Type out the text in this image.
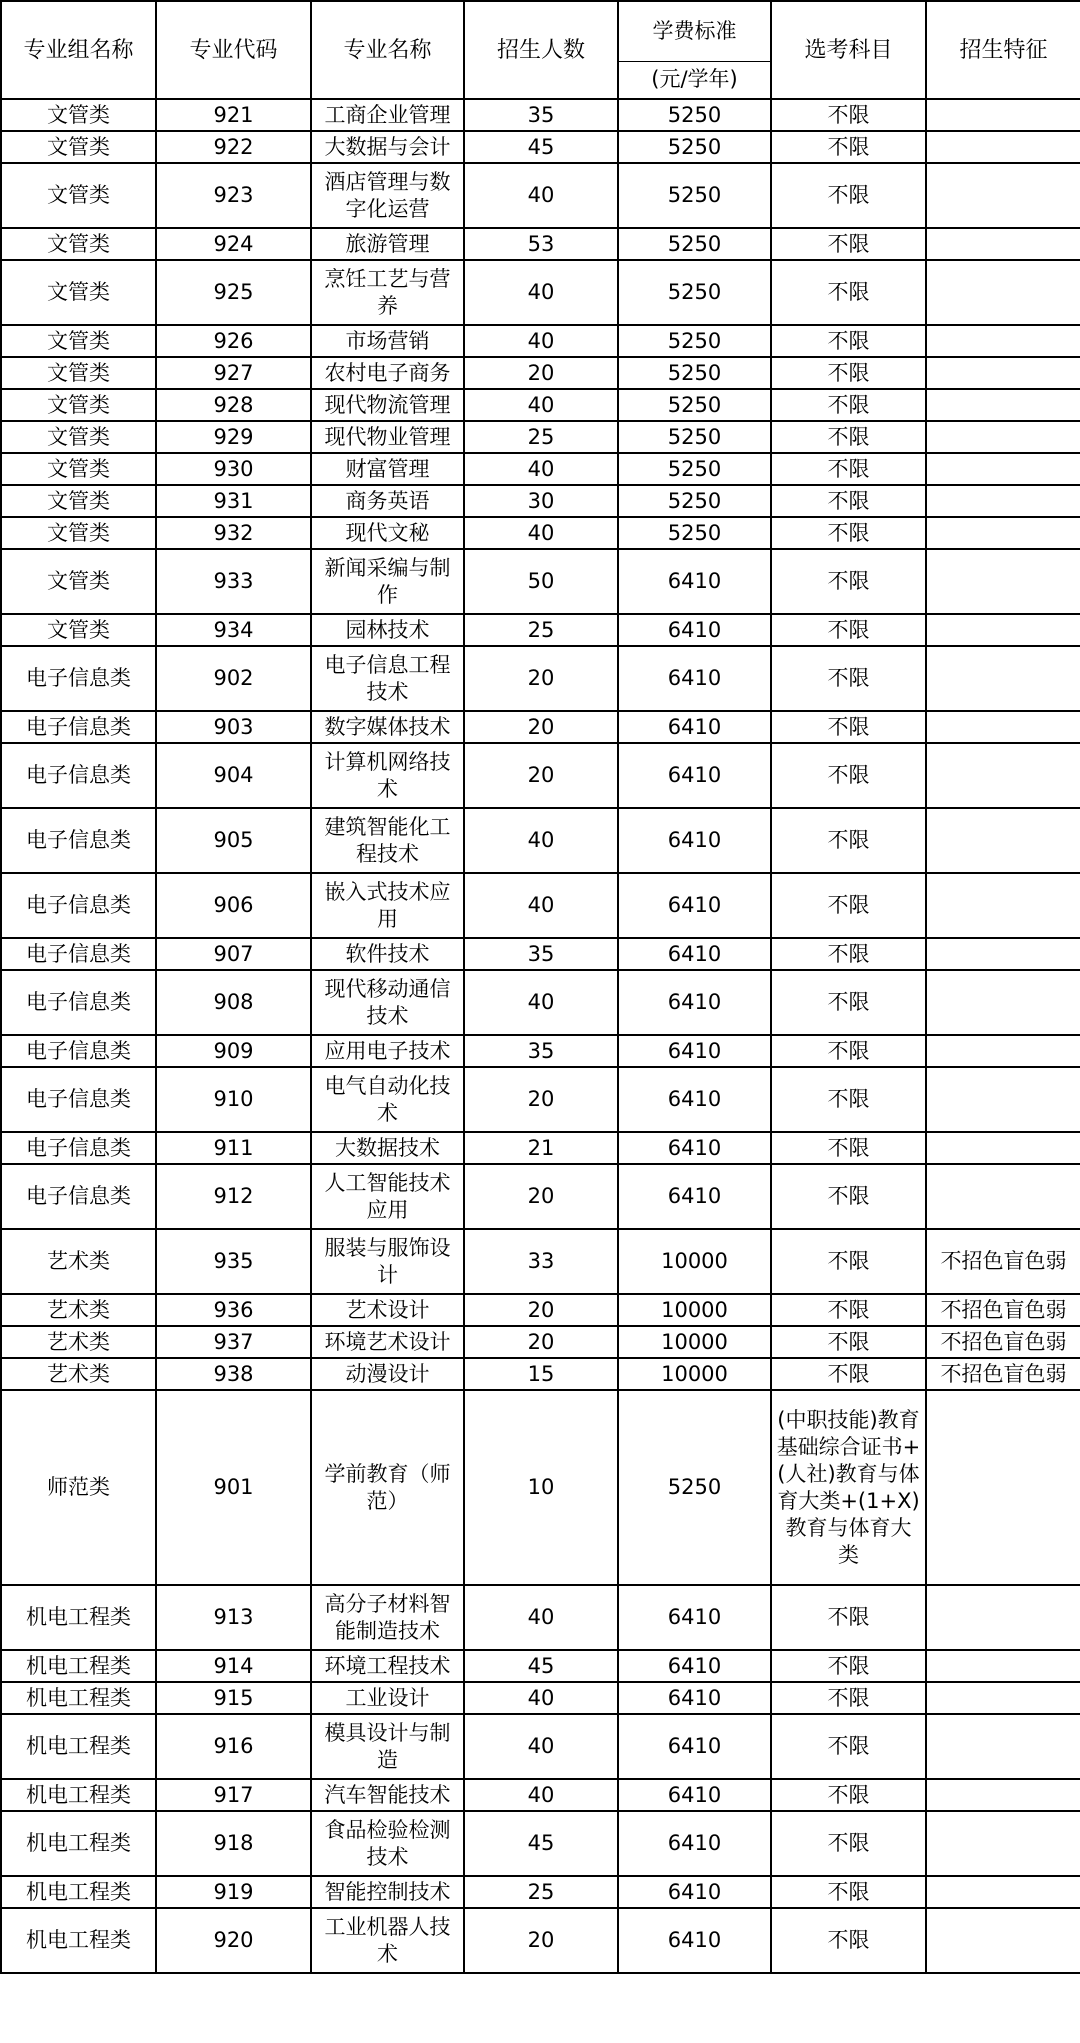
专业组名称	专业代码	专业名称	招生人数	学费标准	选考科目	招生特征
				(元/学年)		
文管类	921	工商企业管理	35	5250	不限	
文管类	922	大数据与会计	45	5250	不限	
文管类	923	酒店管理与数字化运营	40	5250	不限	
文管类	924	旅游管理	53	5250	不限	
文管类	925	烹饪工艺与营养	40	5250	不限	
文管类	926	市场营销	40	5250	不限	
文管类	927	农村电子商务	20	5250	不限	
文管类	928	现代物流管理	40	5250	不限	
文管类	929	现代物业管理	25	5250	不限	
文管类	930	财富管理	40	5250	不限	
文管类	931	商务英语	30	5250	不限	
文管类	932	现代文秘	40	5250	不限	
文管类	933	新闻采编与制作	50	6410	不限	
文管类	934	园林技术	25	6410	不限	
电子信息类	902	电子信息工程技术	20	6410	不限	
电子信息类	903	数字媒体技术	20	6410	不限	
电子信息类	904	计算机网络技术	20	6410	不限	
电子信息类	905	建筑智能化工程技术	40	6410	不限	
电子信息类	906	嵌入式技术应用	40	6410	不限	
电子信息类	907	软件技术	35	6410	不限	
电子信息类	908	现代移动通信技术	40	6410	不限	
电子信息类	909	应用电子技术	35	6410	不限	
电子信息类	910	电气自动化技术	20	6410	不限	
电子信息类	911	大数据技术	21	6410	不限	
电子信息类	912	人工智能技术应用	20	6410	不限	
艺术类	935	服装与服饰设计	33	10000	不限	不招色盲色弱
艺术类	936	艺术设计	20	10000	不限	不招色盲色弱
艺术类	937	环境艺术设计	20	10000	不限	不招色盲色弱
艺术类	938	动漫设计	15	10000	不限	不招色盲色弱
师范类	901	学前教育（师范）	10	5250	(中职技能)教育基础综合证书+(人社)教育与体育大类+(1+X)教育与体育大类	
机电工程类	913	高分子材料智能制造技术	40	6410	不限	
机电工程类	914	环境工程技术	45	6410	不限	
机电工程类	915	工业设计	40	6410	不限	
机电工程类	916	模具设计与制造	40	6410	不限	
机电工程类	917	汽车智能技术	40	6410	不限	
机电工程类	918	食品检验检测技术	45	6410	不限	
机电工程类	919	智能控制技术	25	6410	不限	
机电工程类	920	工业机器人技术	20	6410	不限	
